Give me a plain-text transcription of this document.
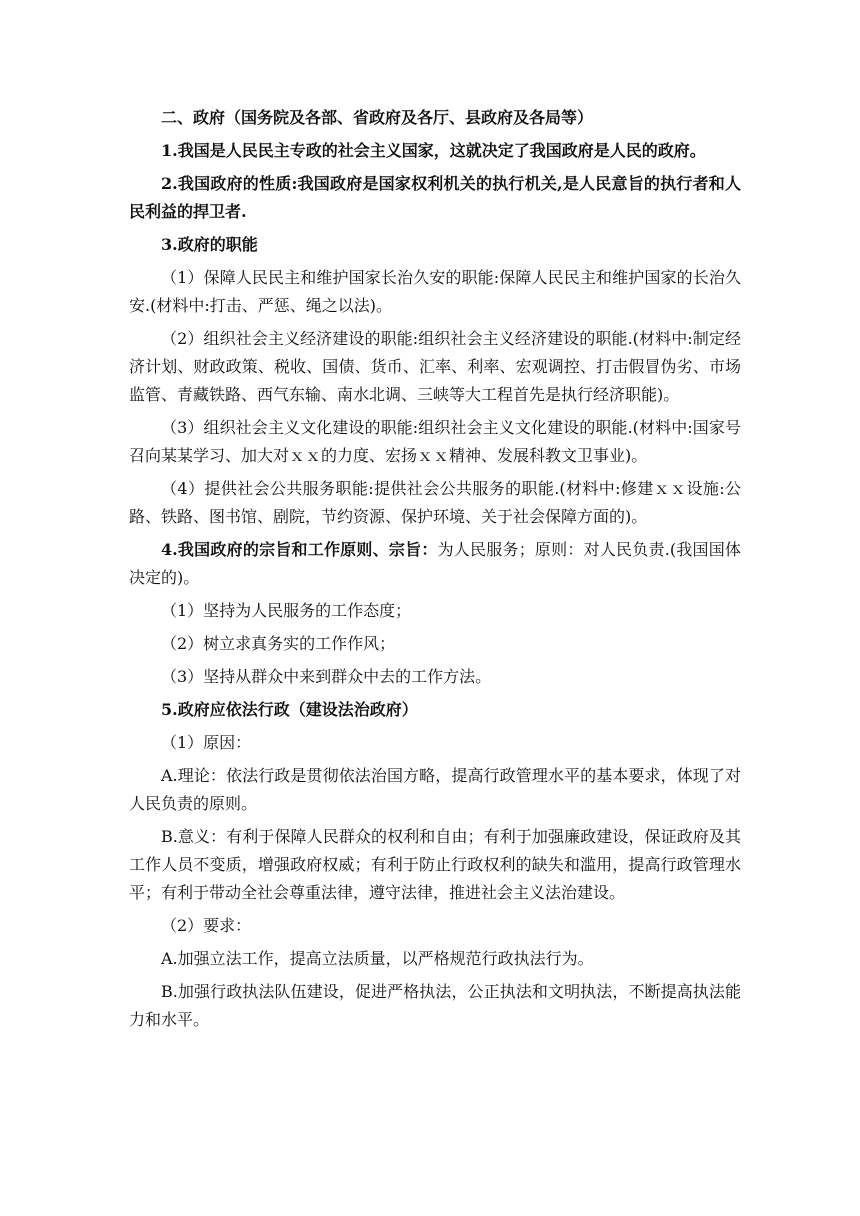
二、政府（国务院及各部、省政府及各厅、县政府及各局等）

1.我国是人民民主专政的社会主义国家，这就决定了我国政府是人民的政府。

2.我国政府的性质:我国政府是国家权利机关的执行机关,是人民意旨的执行者和人民利益的捍卫者.

3.政府的职能

（1）保障人民民主和维护国家长治久安的职能:保障人民民主和维护国家的长治久安.(材料中:打击、严惩、绳之以法)。

（2）组织社会主义经济建设的职能:组织社会主义经济建设的职能.(材料中:制定经济计划、财政政策、税收、国债、货币、汇率、利率、宏观调控、打击假冒伪劣、市场监管、青藏铁路、西气东输、南水北调、三峡等大工程首先是执行经济职能)。

（3）组织社会主义文化建设的职能:组织社会主义文化建设的职能.(材料中:国家号召向某某学习、加大对ｘｘ的力度、宏扬ｘｘ精神、发展科教文卫事业)。

（4）提供社会公共服务职能:提供社会公共服务的职能.(材料中:修建ｘｘ设施:公路、铁路、图书馆、剧院，节约资源、保护环境、关于社会保障方面的)。

4.我国政府的宗旨和工作原则、宗旨：为人民服务；原则：对人民负责.(我国国体决定的)。

（1）坚持为人民服务的工作态度；

（2）树立求真务实的工作作风；

（3）坚持从群众中来到群众中去的工作方法。

5.政府应依法行政（建设法治政府）

（1）原因：

A.理论：依法行政是贯彻依法治国方略，提高行政管理水平的基本要求，体现了对人民负责的原则。

B.意义：有利于保障人民群众的权利和自由；有利于加强廉政建设，保证政府及其工作人员不变质，增强政府权威；有利于防止行政权利的缺失和滥用，提高行政管理水平；有利于带动全社会尊重法律，遵守法律，推进社会主义法治建设。

（2）要求：

A.加强立法工作，提高立法质量，以严格规范行政执法行为。

B.加强行政执法队伍建设，促进严格执法，公正执法和文明执法，不断提高执法能力和水平。
